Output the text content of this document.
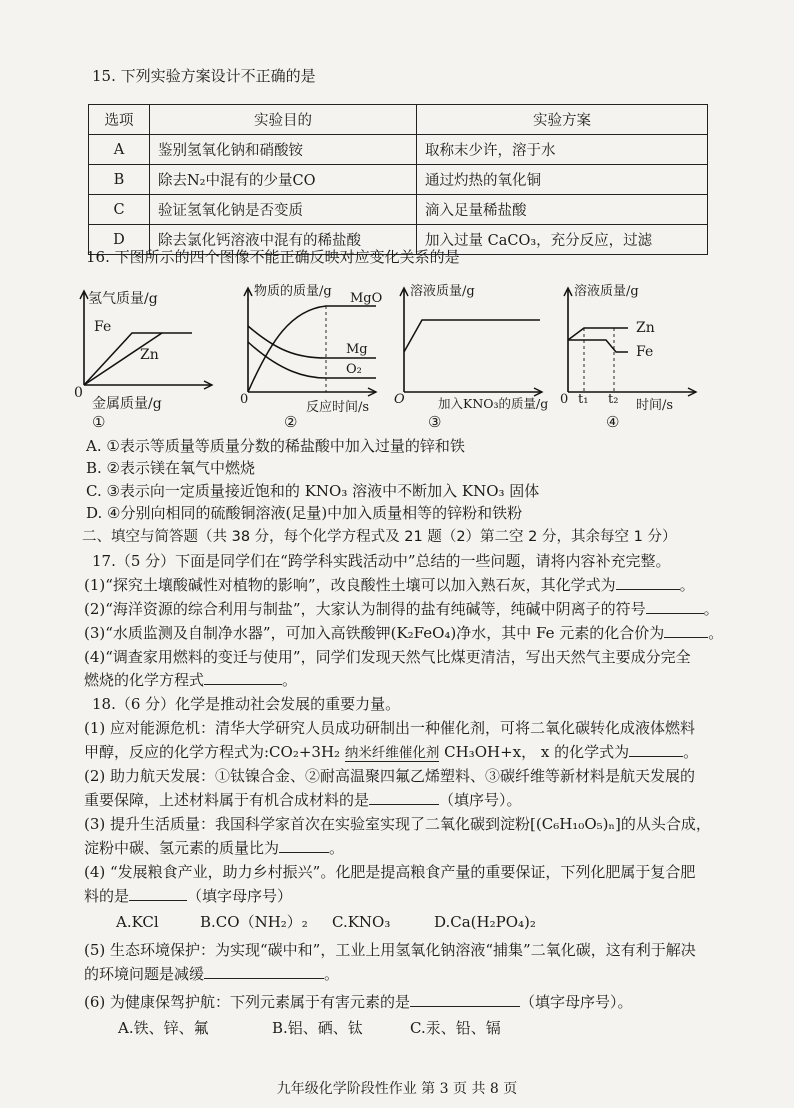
15. 下列实验方案设计不正确的是
选项	实验目的	实验方案
A	鉴别氢氧化钠和硝酸铵	取称末少许，溶于水
B	除去N₂中混有的少量CO	通过灼热的氧化铜
C	验证氢氧化钠是否变质	滴入足量稀盐酸
D	除去氯化钙溶液中混有的稀盐酸	加入过量 CaCO₃，充分反应，过滤
16. 下图所示的四个图像不能正确反映对应变化关系的是
氢气质量/g
Fe
Zn
0
金属质量/g
①
物质的质量/g MgO
Mg
O₂
0
反应时间/s
②
溶液质量/g
O	加入KNO₃的质量/g
③
溶液质量/g
Zn
Fe
0 t₁ t₂ 时间/s
④
A. ①表示等质量等质量分数的稀盐酸中加入过量的锌和铁
B. ②表示镁在氧气中燃烧
C. ③表示向一定质量接近饱和的 KNO₃ 溶液中不断加入 KNO₃ 固体
D. ④分别向相同的硫酸铜溶液(足量)中加入质量相等的锌粉和铁粉
二、填空与简答题（共 38 分，每个化学方程式及 21 题（2）第二空 2 分，其余每空 1 分）
17.（5 分）下面是同学们在“跨学科实践活动中”总结的一些问题，请将内容补充完整。
(1)“探究土壤酸碱性对植物的影响”，改良酸性土壤可以加入熟石灰，其化学式为	。
(2)“海洋资源的综合利用与制盐”，大家认为制得的盐有纯碱等，纯碱中阴离子的符号	。
(3)“水质监测及自制净水器”，可加入高铁酸钾(K₂FeO₄)净水，其中 Fe 元素的化合价为	。
(4)“调查家用燃料的变迁与使用”，同学们发现天然气比煤更清洁，写出天然气主要成分完全
燃烧的化学方程式	。
18.（6 分）化学是推动社会发展的重要力量。
(1) 应对能源危机：清华大学研究人员成功研制出一种催化剂，可将二氧化碳转化成液体燃料
甲醇，反应的化学方程式为:CO₂+3H₂ 纳米纤维催化剂 CH₃OH+x， x 的化学式为	。
(2) 助力航天发展：①钛镍合金、②耐高温聚四氟乙烯塑料、③碳纤维等新材料是航天发展的
重要保障，上述材料属于有机合成材料的是	（填序号）。
(3) 提升生活质量：我国科学家首次在实验室实现了二氧化碳到淀粉[(C₆H₁₀O₅)ₙ]的从头合成，
淀粉中碳、氢元素的质量比为	。
(4) “发展粮食产业，助力乡村振兴”。化肥是提高粮食产量的重要保证，下列化肥属于复合肥
料的是	（填字母序号）
A.KCl	B.CO（NH₂）₂ C.KNO₃	D.Ca(H₂PO₄)₂
(5) 生态环境保护：为实现“碳中和”，工业上用氢氧化钠溶液“捕集”二氧化碳，这有利于解决
的环境问题是减缓	。
(6) 为健康保驾护航：下列元素属于有害元素的是	（填字母序号）。
A.铁、锌、氟	B.铝、硒、钛	C.汞、铅、镉
九年级化学阶段性作业 第 3 页 共 8 页
